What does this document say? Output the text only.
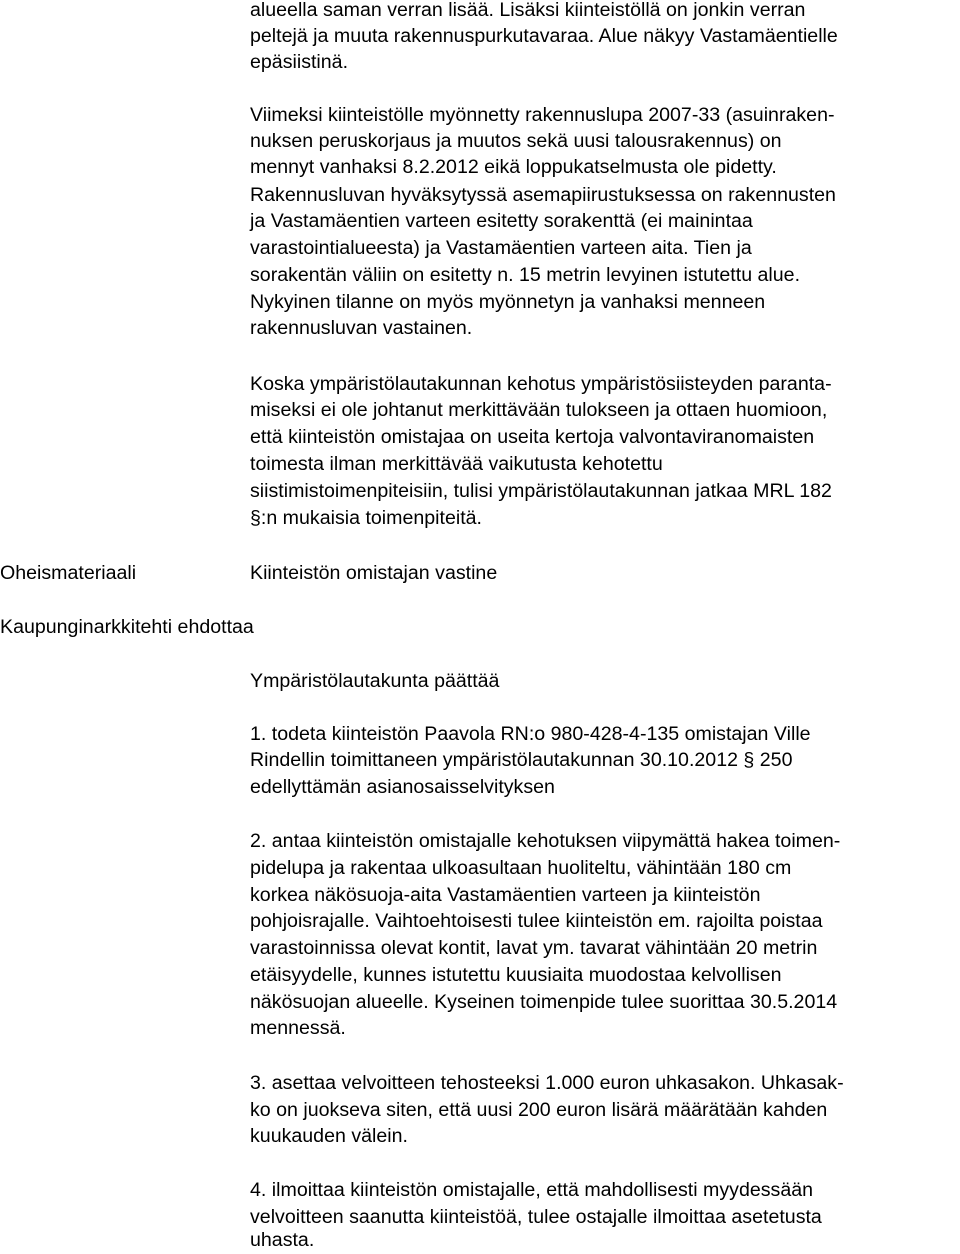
alueella saman verran lisää. Lisäksi kiinteistöllä on jonkin verran
peltejä ja muuta rakennuspurkutavaraa. Alue näkyy Vastamäentielle
epäsiistinä.
Viimeksi kiinteistölle myönnetty rakennuslupa 2007-33 (asuinraken-
nuksen peruskorjaus ja muutos sekä uusi talousrakennus) on
mennyt vanhaksi 8.2.2012 eikä loppukatselmusta ole pidetty.
Rakennusluvan hyväksytyssä asemapiirustuksessa on rakennusten
ja Vastamäentien varteen esitetty sorakenttä (ei mainintaa
varastointialueesta) ja Vastamäentien varteen aita. Tien ja
sorakentän väliin on esitetty n. 15 metrin levyinen istutettu alue.
Nykyinen tilanne on myös myönnetyn ja vanhaksi menneen
rakennusluvan vastainen.
Koska ympäristölautakunnan kehotus ympäristösiisteyden paranta-
miseksi ei ole johtanut merkittävään tulokseen ja ottaen huomioon,
että kiinteistön omistajaa on useita kertoja valvontaviranomaisten
toimesta ilman merkittävää vaikutusta kehotettu
siistimistoimenpiteisiin, tulisi ympäristölautakunnan jatkaa MRL 182
§:n mukaisia toimenpiteitä.
Oheismateriaali	Kiinteistön omistajan vastine
Kaupunginarkkitehti ehdottaa
Ympäristölautakunta päättää
1. todeta kiinteistön Paavola RN:o 980-428-4-135 omistajan Ville
Rindellin toimittaneen ympäristölautakunnan 30.10.2012 § 250
edellyttämän asianosaisselvityksen
2. antaa kiinteistön omistajalle kehotuksen viipymättä hakea toimen-
pidelupa ja rakentaa ulkoasultaan huoliteltu, vähintään 180 cm
korkea näkösuoja-aita Vastamäentien varteen ja kiinteistön
pohjoisrajalle. Vaihtoehtoisesti tulee kiinteistön em. rajoilta poistaa
varastoinnissa olevat kontit, lavat ym. tavarat vähintään 20 metrin
etäisyydelle, kunnes istutettu kuusiaita muodostaa kelvollisen
näkösuojan alueelle. Kyseinen toimenpide tulee suorittaa 30.5.2014
mennessä.
3. asettaa velvoitteen tehosteeksi 1.000 euron uhkasakon. Uhkasak-
ko on juokseva siten, että uusi 200 euron lisärä määrätään kahden
kuukauden välein.
4. ilmoittaa kiinteistön omistajalle, että mahdollisesti myydessään
velvoitteen saanutta kiinteistöä, tulee ostajalle ilmoittaa asetetusta
uhasta.
